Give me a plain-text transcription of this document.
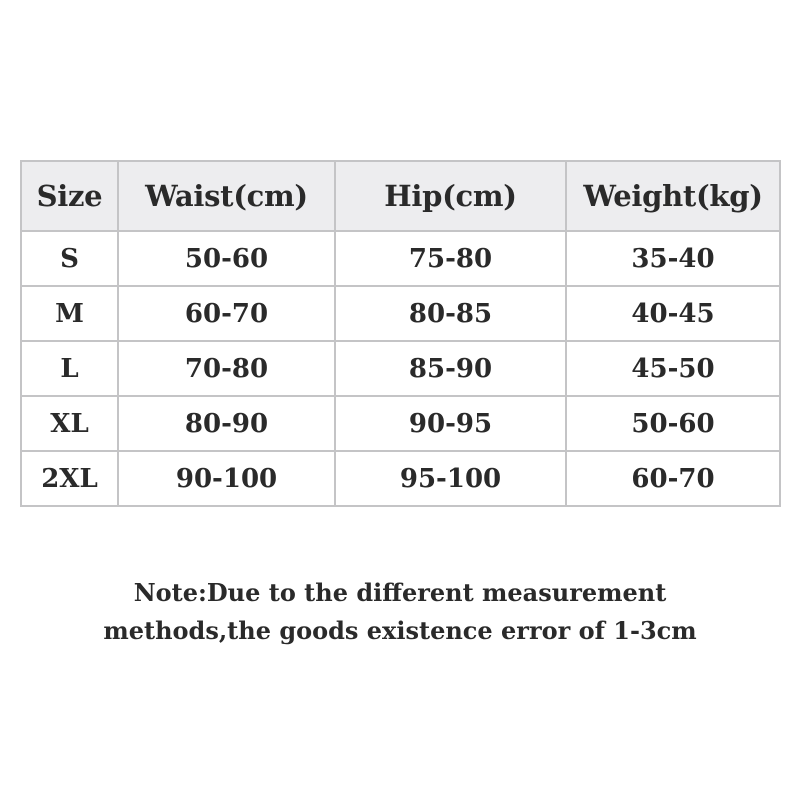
Size	Waist(cm)	Hip(cm)	Weight(kg)
S	50-60	75-80	35-40
M	60-70	80-85	40-45
L	70-80	85-90	45-50
XL	80-90	90-95	50-60
2XL	90-100	95-100	60-70
Note:Due to the different measurement
methods,the goods existence error of 1-3cm
